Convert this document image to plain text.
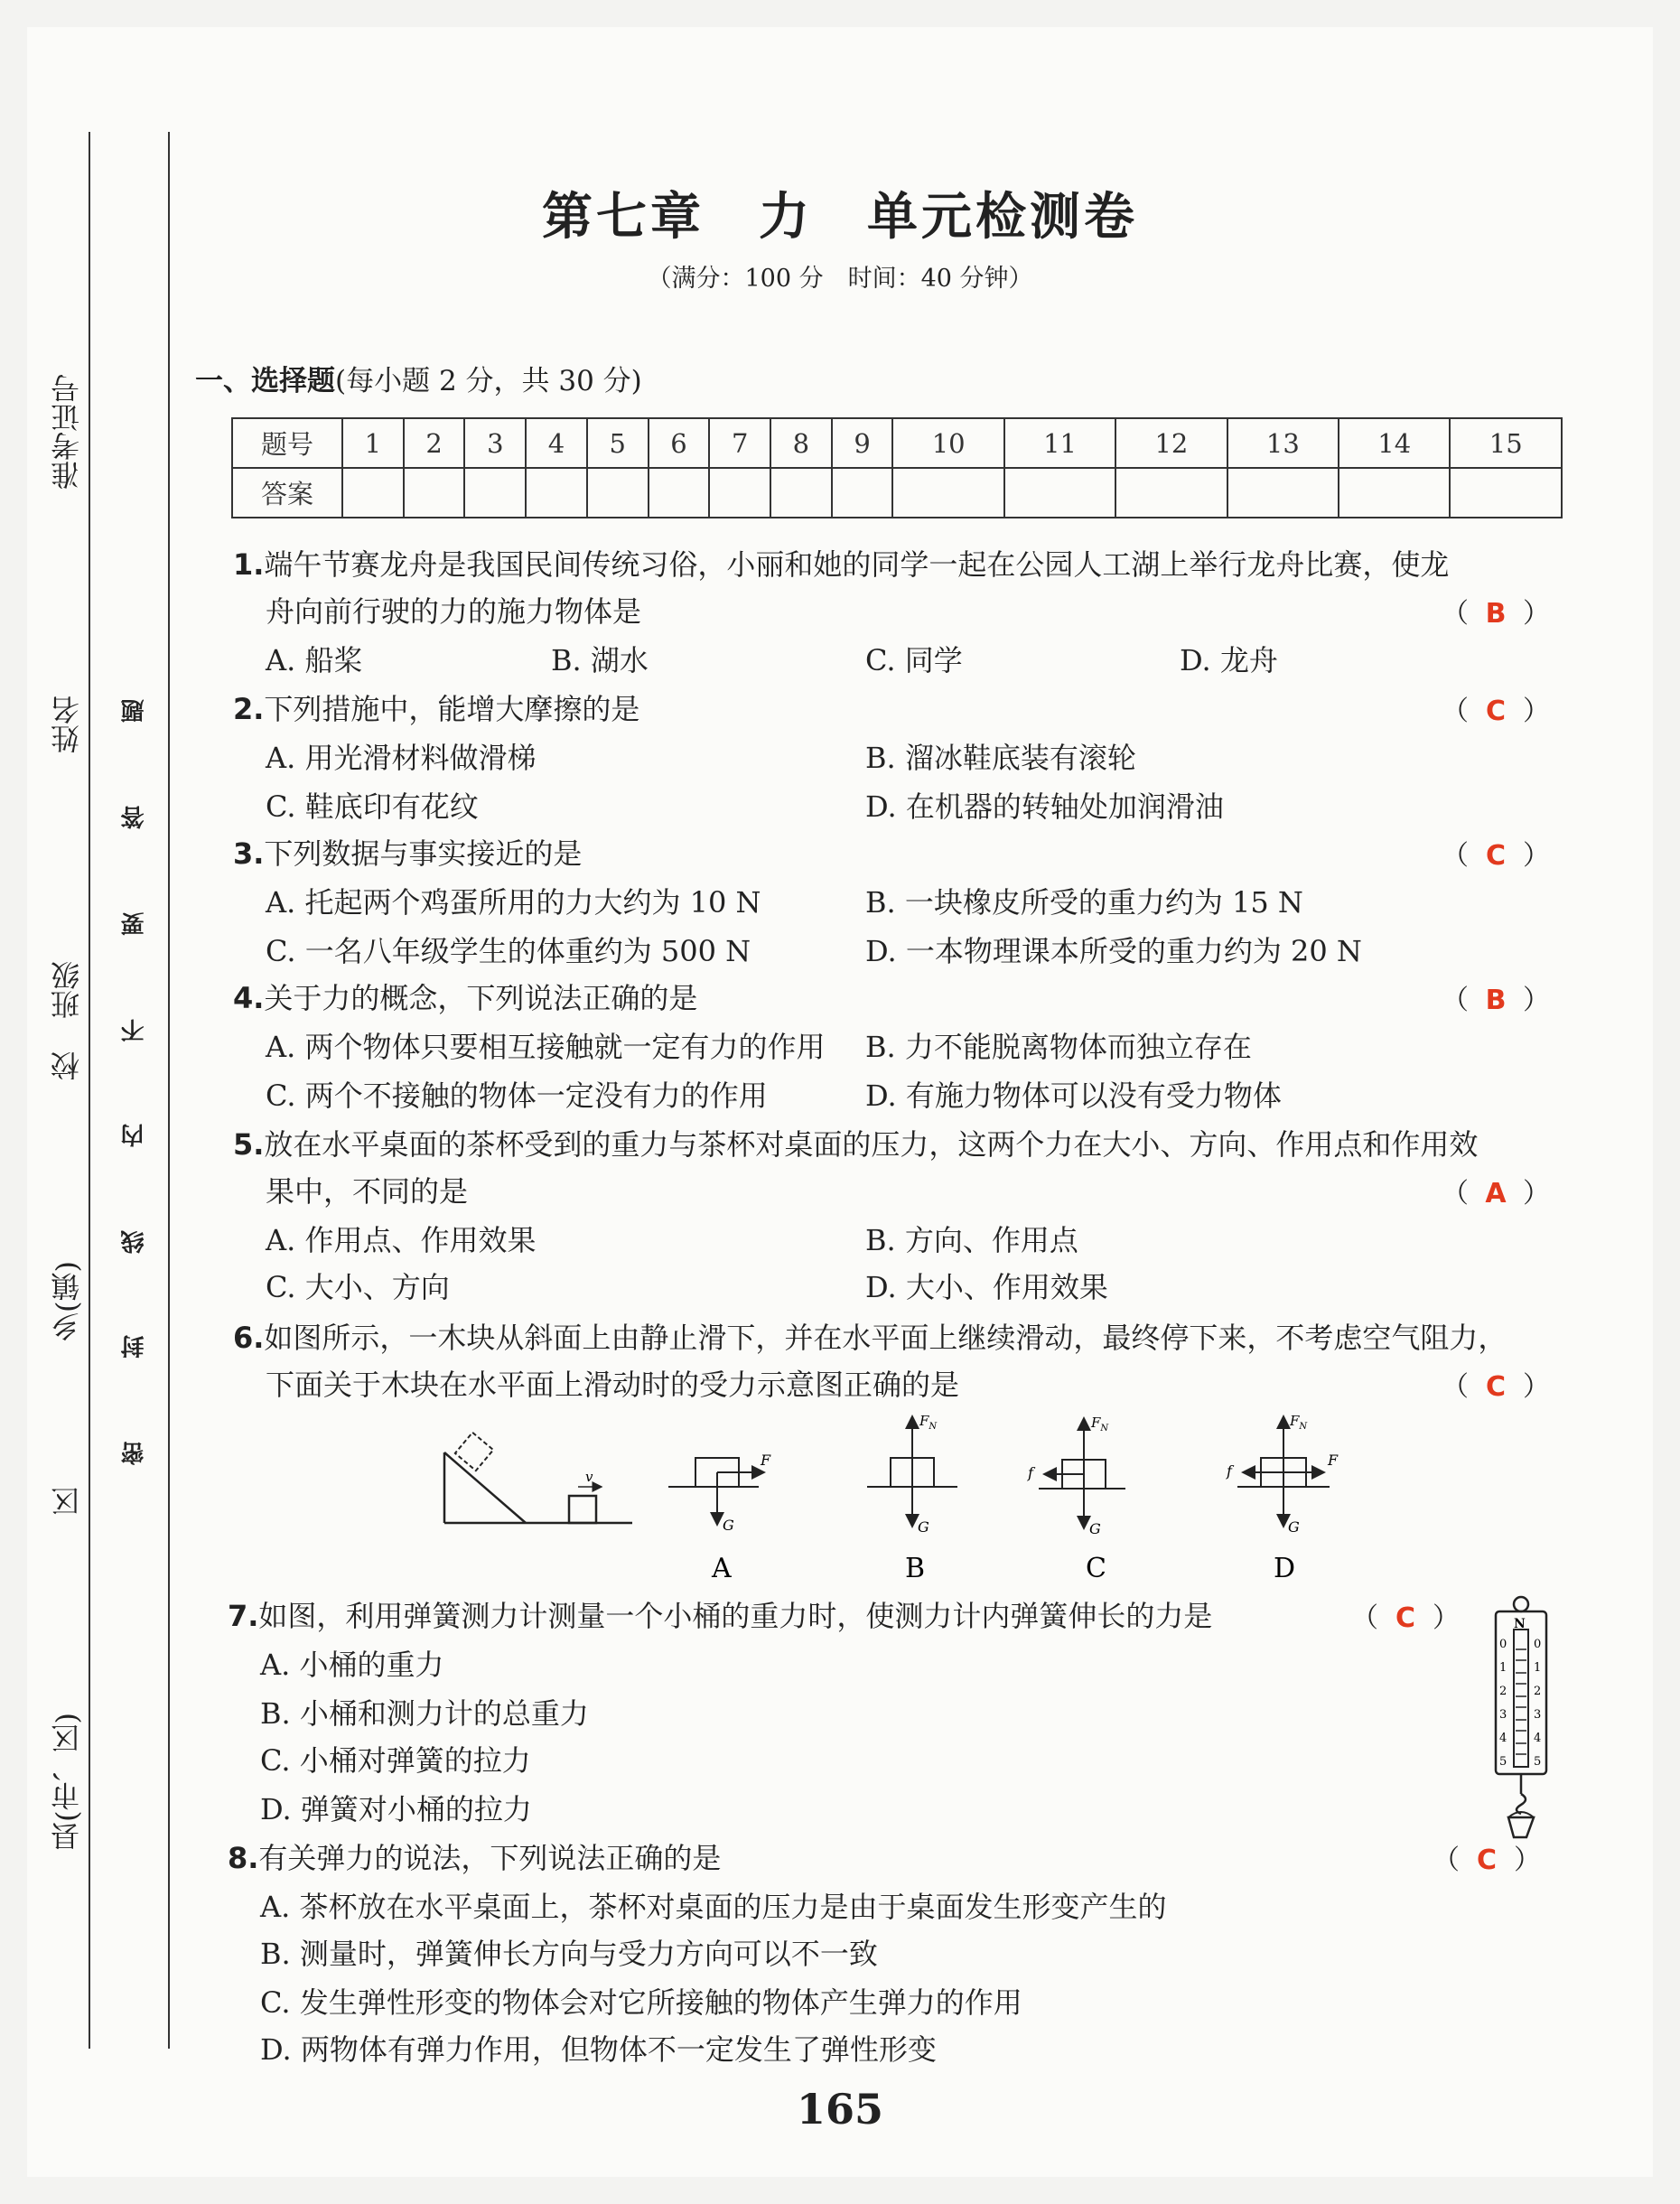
准考证号
姓名
校
班级
乡(镇)
区
县(市、区)
密
封
线
内
不
要
答
题
第七章　力　单元检测卷
（满分：100 分　时间：40 分钟）
一、选择题(每小题 2 分，共 30 分)
题号	1	2	3	4	5	6	7	8	9	10	11	12	13	14	15
答案															
1.端午节赛龙舟是我国民间传统习俗，小丽和她的同学一起在公园人工湖上举行龙舟比赛，使龙
舟向前行驶的力的施力物体是	（ B ）
A. 船桨	B. 湖水	C. 同学	D. 龙舟
2.下列措施中，能增大摩擦的是	（ C ）
A. 用光滑材料做滑梯	B. 溜冰鞋底装有滚轮
C. 鞋底印有花纹	D. 在机器的转轴处加润滑油
3.下列数据与事实接近的是	（ C ）
A. 托起两个鸡蛋所用的力大约为 10 N	B. 一块橡皮所受的重力约为 15 N
C. 一名八年级学生的体重约为 500 N	D. 一本物理课本所受的重力约为 20 N
4.关于力的概念，下列说法正确的是	（ B ）
A. 两个物体只要相互接触就一定有力的作用 B. 力不能脱离物体而独立存在
C. 两个不接触的物体一定没有力的作用	D. 有施力物体可以没有受力物体
5.放在水平桌面的茶杯受到的重力与茶杯对桌面的压力，这两个力在大小、方向、作用点和作用效
果中，不同的是	（ A ）
A. 作用点、作用效果	B. 方向、作用点
C. 大小、方向	D. 大小、作用效果
6.如图所示，一木块从斜面上由静止滑下，并在水平面上继续滑动，最终停下来，不考虑空气阻力，
下面关于木块在水平面上滑动时的受力示意图正确的是	（ C ）
v
F
G
A
$F_N$
G
B
$F_N$
f
G
C
$F_N$
f
F
G
D
7.如图，利用弹簧测力计测量一个小桶的重力时，使测力计内弹簧伸长的力是	（ C ）
A. 小桶的重力
B. 小桶和测力计的总重力
C. 小桶对弹簧的拉力
D. 弹簧对小桶的拉力
N
0
1
2
3
4
5
0
1
2
3
4
5
8.有关弹力的说法，下列说法正确的是	（ C ）
A. 茶杯放在水平桌面上，茶杯对桌面的压力是由于桌面发生形变产生的
B. 测量时，弹簧伸长方向与受力方向可以不一致
C. 发生弹性形变的物体会对它所接触的物体产生弹力的作用
D. 两物体有弹力作用，但物体不一定发生了弹性形变
165
